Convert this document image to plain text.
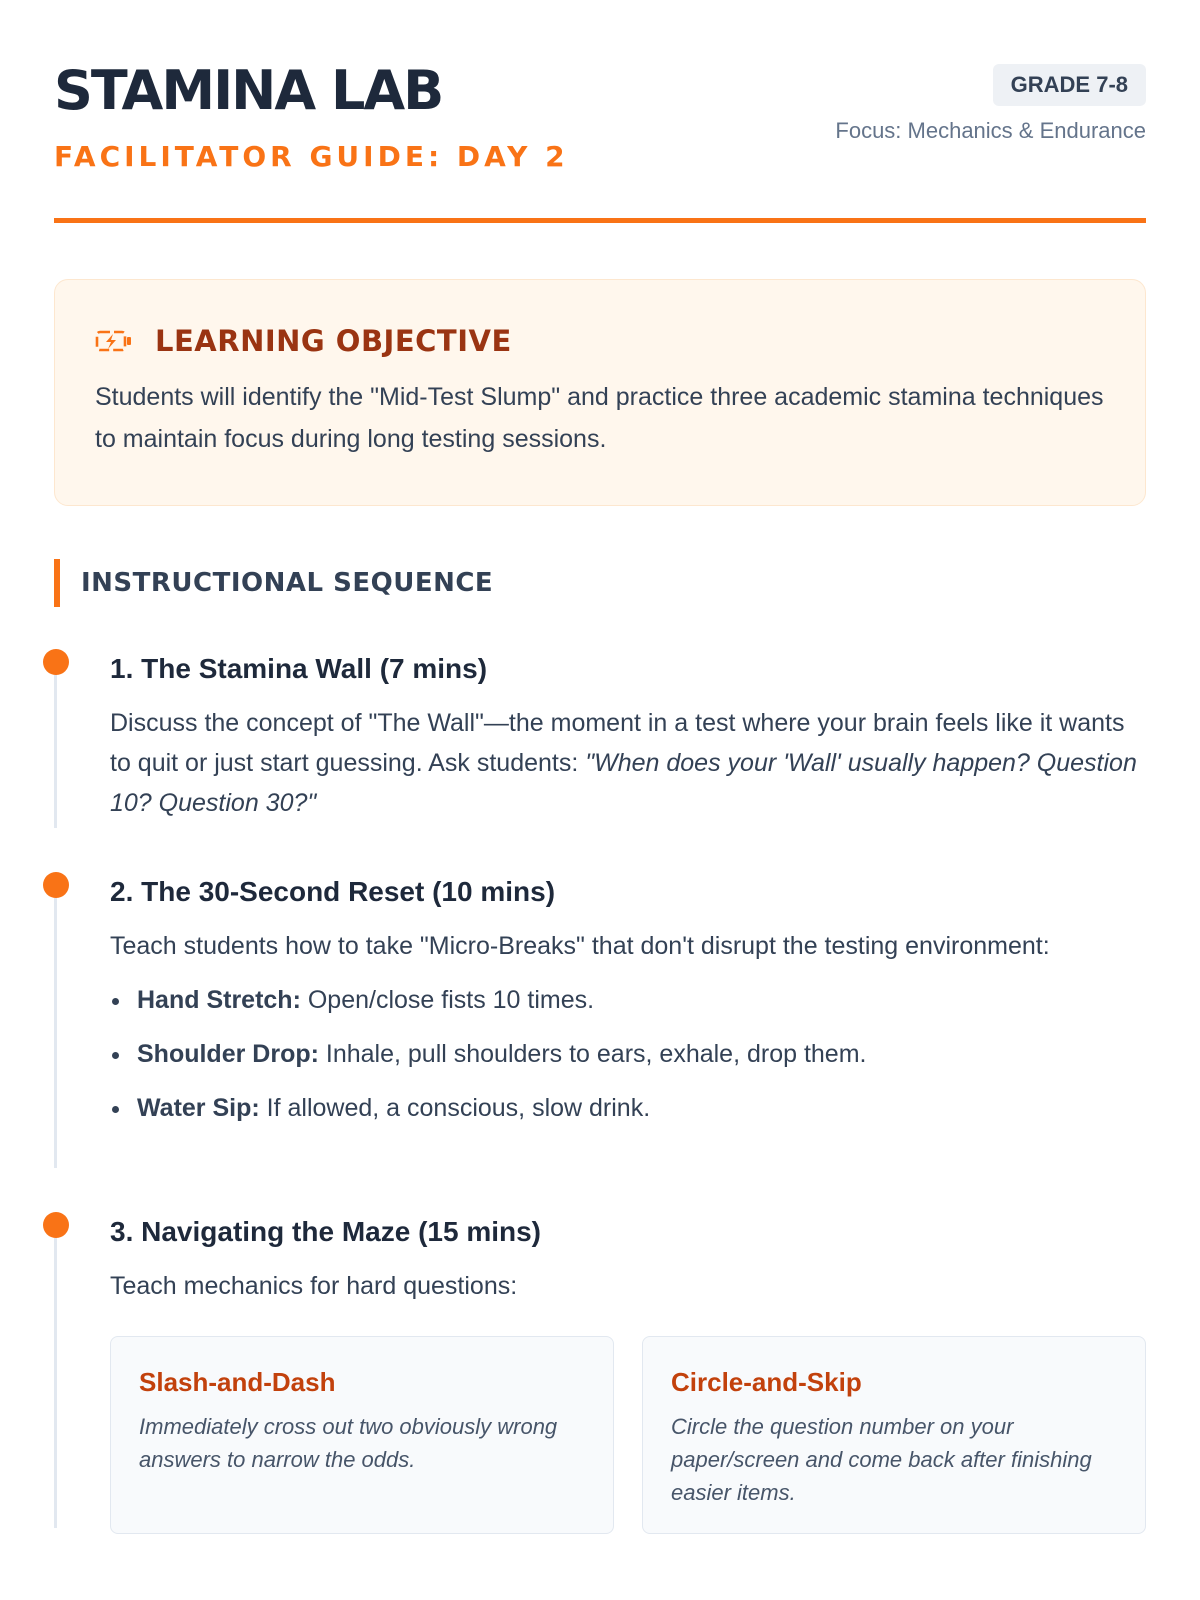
STAMINA LAB
FACILITATOR GUIDE: DAY 2
GRADE 7-8
Focus: Mechanics & Endurance
LEARNING OBJECTIVE
Students will identify the "Mid-Test Slump" and practice three academic stamina techniques to maintain focus during long testing sessions.
INSTRUCTIONAL SEQUENCE
1. The Stamina Wall (7 mins)
Discuss the concept of "The Wall"—the moment in a test where your brain feels like it wants to quit or just start guessing. Ask students: "When does your 'Wall' usually happen? Question 10? Question 30?"
2. The 30-Second Reset (10 mins)
Teach students how to take "Micro-Breaks" that don't disrupt the testing environment:
Hand Stretch: Open/close fists 10 times.
Shoulder Drop: Inhale, pull shoulders to ears, exhale, drop them.
Water Sip: If allowed, a conscious, slow drink.
3. Navigating the Maze (15 mins)
Teach mechanics for hard questions:
Slash-and-Dash
Immediately cross out two obviously wrong answers to narrow the odds.
Circle-and-Skip
Circle the question number on your paper/screen and come back after finishing easier items.
